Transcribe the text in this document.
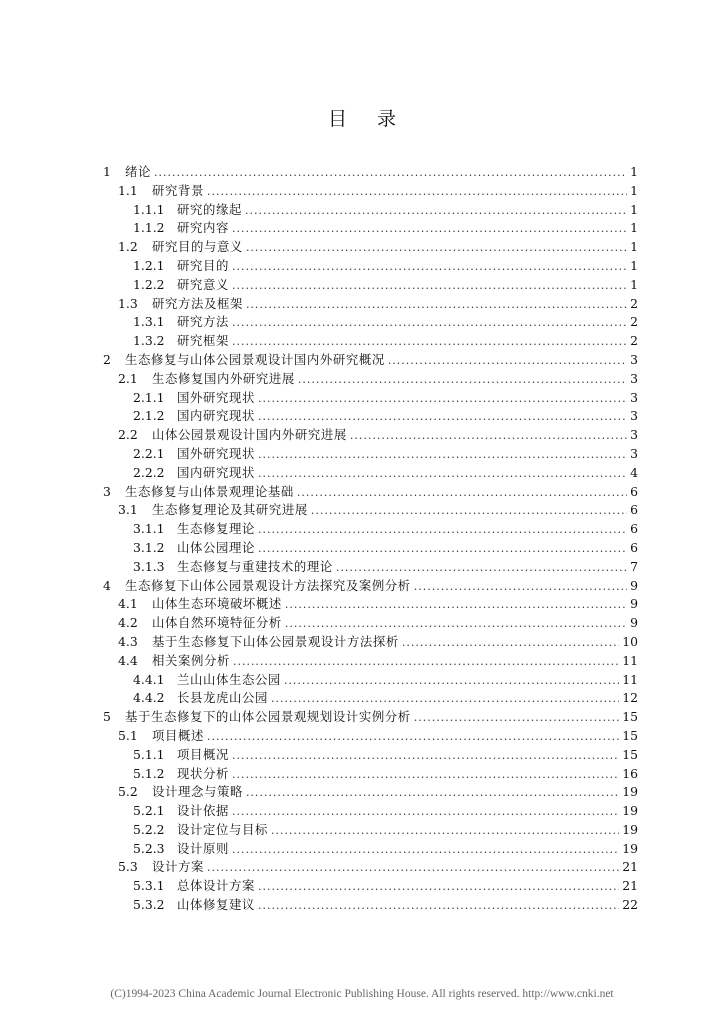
目 录
1	绪论 .....	1
1.1	研究背景 .....	1
1.1.1	研究的缘起 .....	1
1.1.2	研究内容 .....	1
1.2	研究目的与意义 .....	1
1.2.1	研究目的 .....	1
1.2.2	研究意义 .....	1
1.3	研究方法及框架 .....	2
1.3.1	研究方法 .....	2
1.3.2	研究框架 .....	2
2	生态修复与山体公园景观设计国内外研究概况 .....	3
2.1	生态修复国内外研究进展 .....	3
2.1.1	国外研究现状 .....	3
2.1.2	国内研究现状 .....	3
2.2	山体公园景观设计国内外研究进展 .....	3
2.2.1	国外研究现状 .....	3
2.2.2	国内研究现状 .....	4
3	生态修复与山体景观理论基础 .....	6
3.1	生态修复理论及其研究进展 .....	6
3.1.1	生态修复理论 .....	6
3.1.2	山体公园理论 .....	6
3.1.3	生态修复与重建技术的理论 .....	7
4	生态修复下山体公园景观设计方法探究及案例分析 .....	9
4.1	山体生态环境破坏概述 .....	9
4.2	山体自然环境特征分析 .....	9
4.3	基于生态修复下山体公园景观设计方法探析 .....	10
4.4	相关案例分析 .....	11
4.4.1	兰山山体生态公园 .....	11
4.4.2	长县龙虎山公园 .....	12
5	基于生态修复下的山体公园景观规划设计实例分析 .....	15
5.1	项目概述 .....	15
5.1.1	项目概况 .....	15
5.1.2	现状分析 .....	16
5.2	设计理念与策略 .....	19
5.2.1	设计依据 .....	19
5.2.2	设计定位与目标 .....	19
5.2.3	设计原则 .....	19
5.3	设计方案 .....	21
5.3.1	总体设计方案 .....	21
5.3.2	山体修复建议 .....	22
(C)1994-2023 China Academic Journal Electronic Publishing House. All rights reserved. http://www.cnki.net
